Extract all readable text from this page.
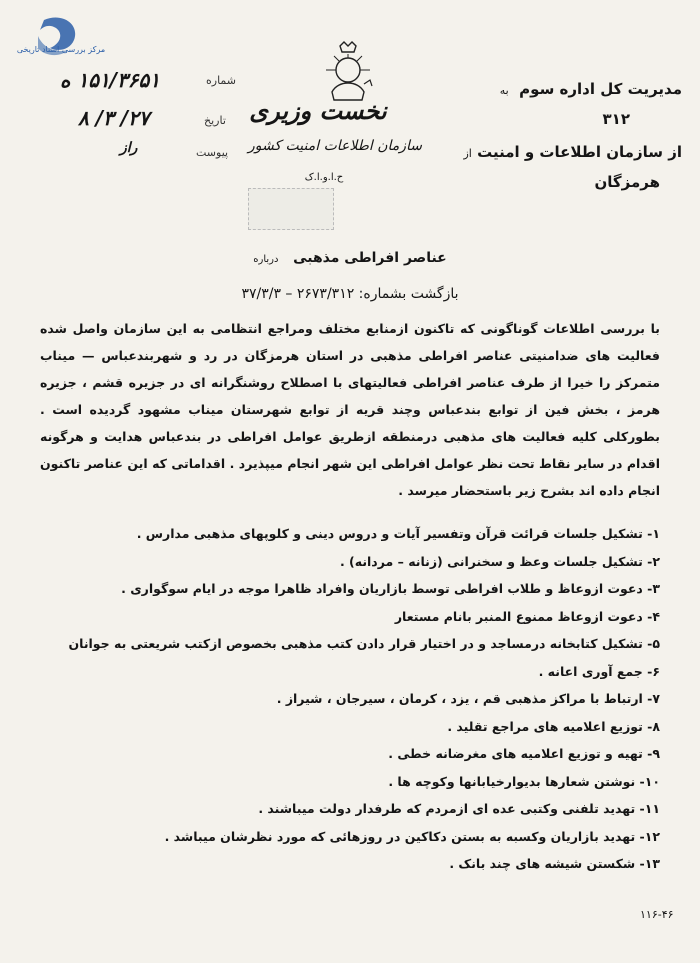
مرکز بررسی اسناد تاریخی
۱۵۱/۳۶۵۱ ه	شماره
۸ /۳ /۲۷	تاریخ
راز	پیوست
نخست وزیری
سازمان اطلاعات امنیت کشور
ح.ا.و.ا.ک
مدیریت کل اداره سوم  به
۳۱۲
از سازمان اطلاعات و امنیت از
هرمزگان
عناصر افراطی مذهبی   درباره
بازگشت بشماره: ۲۶۷۳/۳۱۲ – ۳۷/۳/۳
با بررسی اطلاعات گوناگونی که تاکنون ازمنابع مختلف ومراجع انتظامی به این سازمان واصل شده فعالیت های ضدامنیتی عناصر افراطی مذهبی در استان هرمزگان در رد و شهربندعباس — میناب متمرکز را خیرا از طرف عناصر افراطی فعالیتهای با اصطلاح روشنگرانه ای در جزیره قشم ، جزیره هرمز ، بخش فین از توابع بندعباس وچند قریه از توابع شهرستان میناب مشهود گردیده است . بطورکلی کلیه فعالیت های مذهبی درمنطقه ازطریق عوامل افراطی در بندعباس هدایت و هرگونه اقدام در سایر نقاط تحت نظر عوامل افراطی این شهر انجام میپذیرد . اقداماتی که این عناصر تاکنون انجام داده اند بشرح زیر باستحضار میرسد .
۱- تشکیل جلسات قرائت قرآن وتفسیر آیات و دروس دینی و کلوپهای مذهبی مدارس .
۲- تشکیل جلسات وعظ و سخنرانی (زنانه – مردانه) .
۳- دعوت ازوعاظ و طلاب افراطی توسط بازاریان وافراد ظاهرا موجه در ایام سوگواری .
۴- دعوت ازوعاظ ممنوع المنبر بانام مستعار
۵- تشکیل کتابخانه درمساجد و در اختیار قرار دادن کتب مذهبی بخصوص ازکتب شریعتی به جوانان
۶- جمع آوری اعانه .
۷- ارتباط با مراکز مذهبی قم ، یزد ، کرمان ، سیرجان ، شیراز .
۸- توزیع اعلامیه های مراجع تقلید .
۹- تهیه و توزیع اعلامیه های مغرضانه خطی .
۱۰- نوشتن شعارها بدیوارخیابانها وکوچه ها .
۱۱- تهدید تلفنی وکتبی عده ای ازمردم که طرفدار دولت میباشند .
۱۲- تهدید بازاریان وکسبه به بستن دکاکین در روزهائی که مورد نظرشان میباشد .
۱۳- شکستن شیشه های چند بانک .
۱۱۶-۴۶
